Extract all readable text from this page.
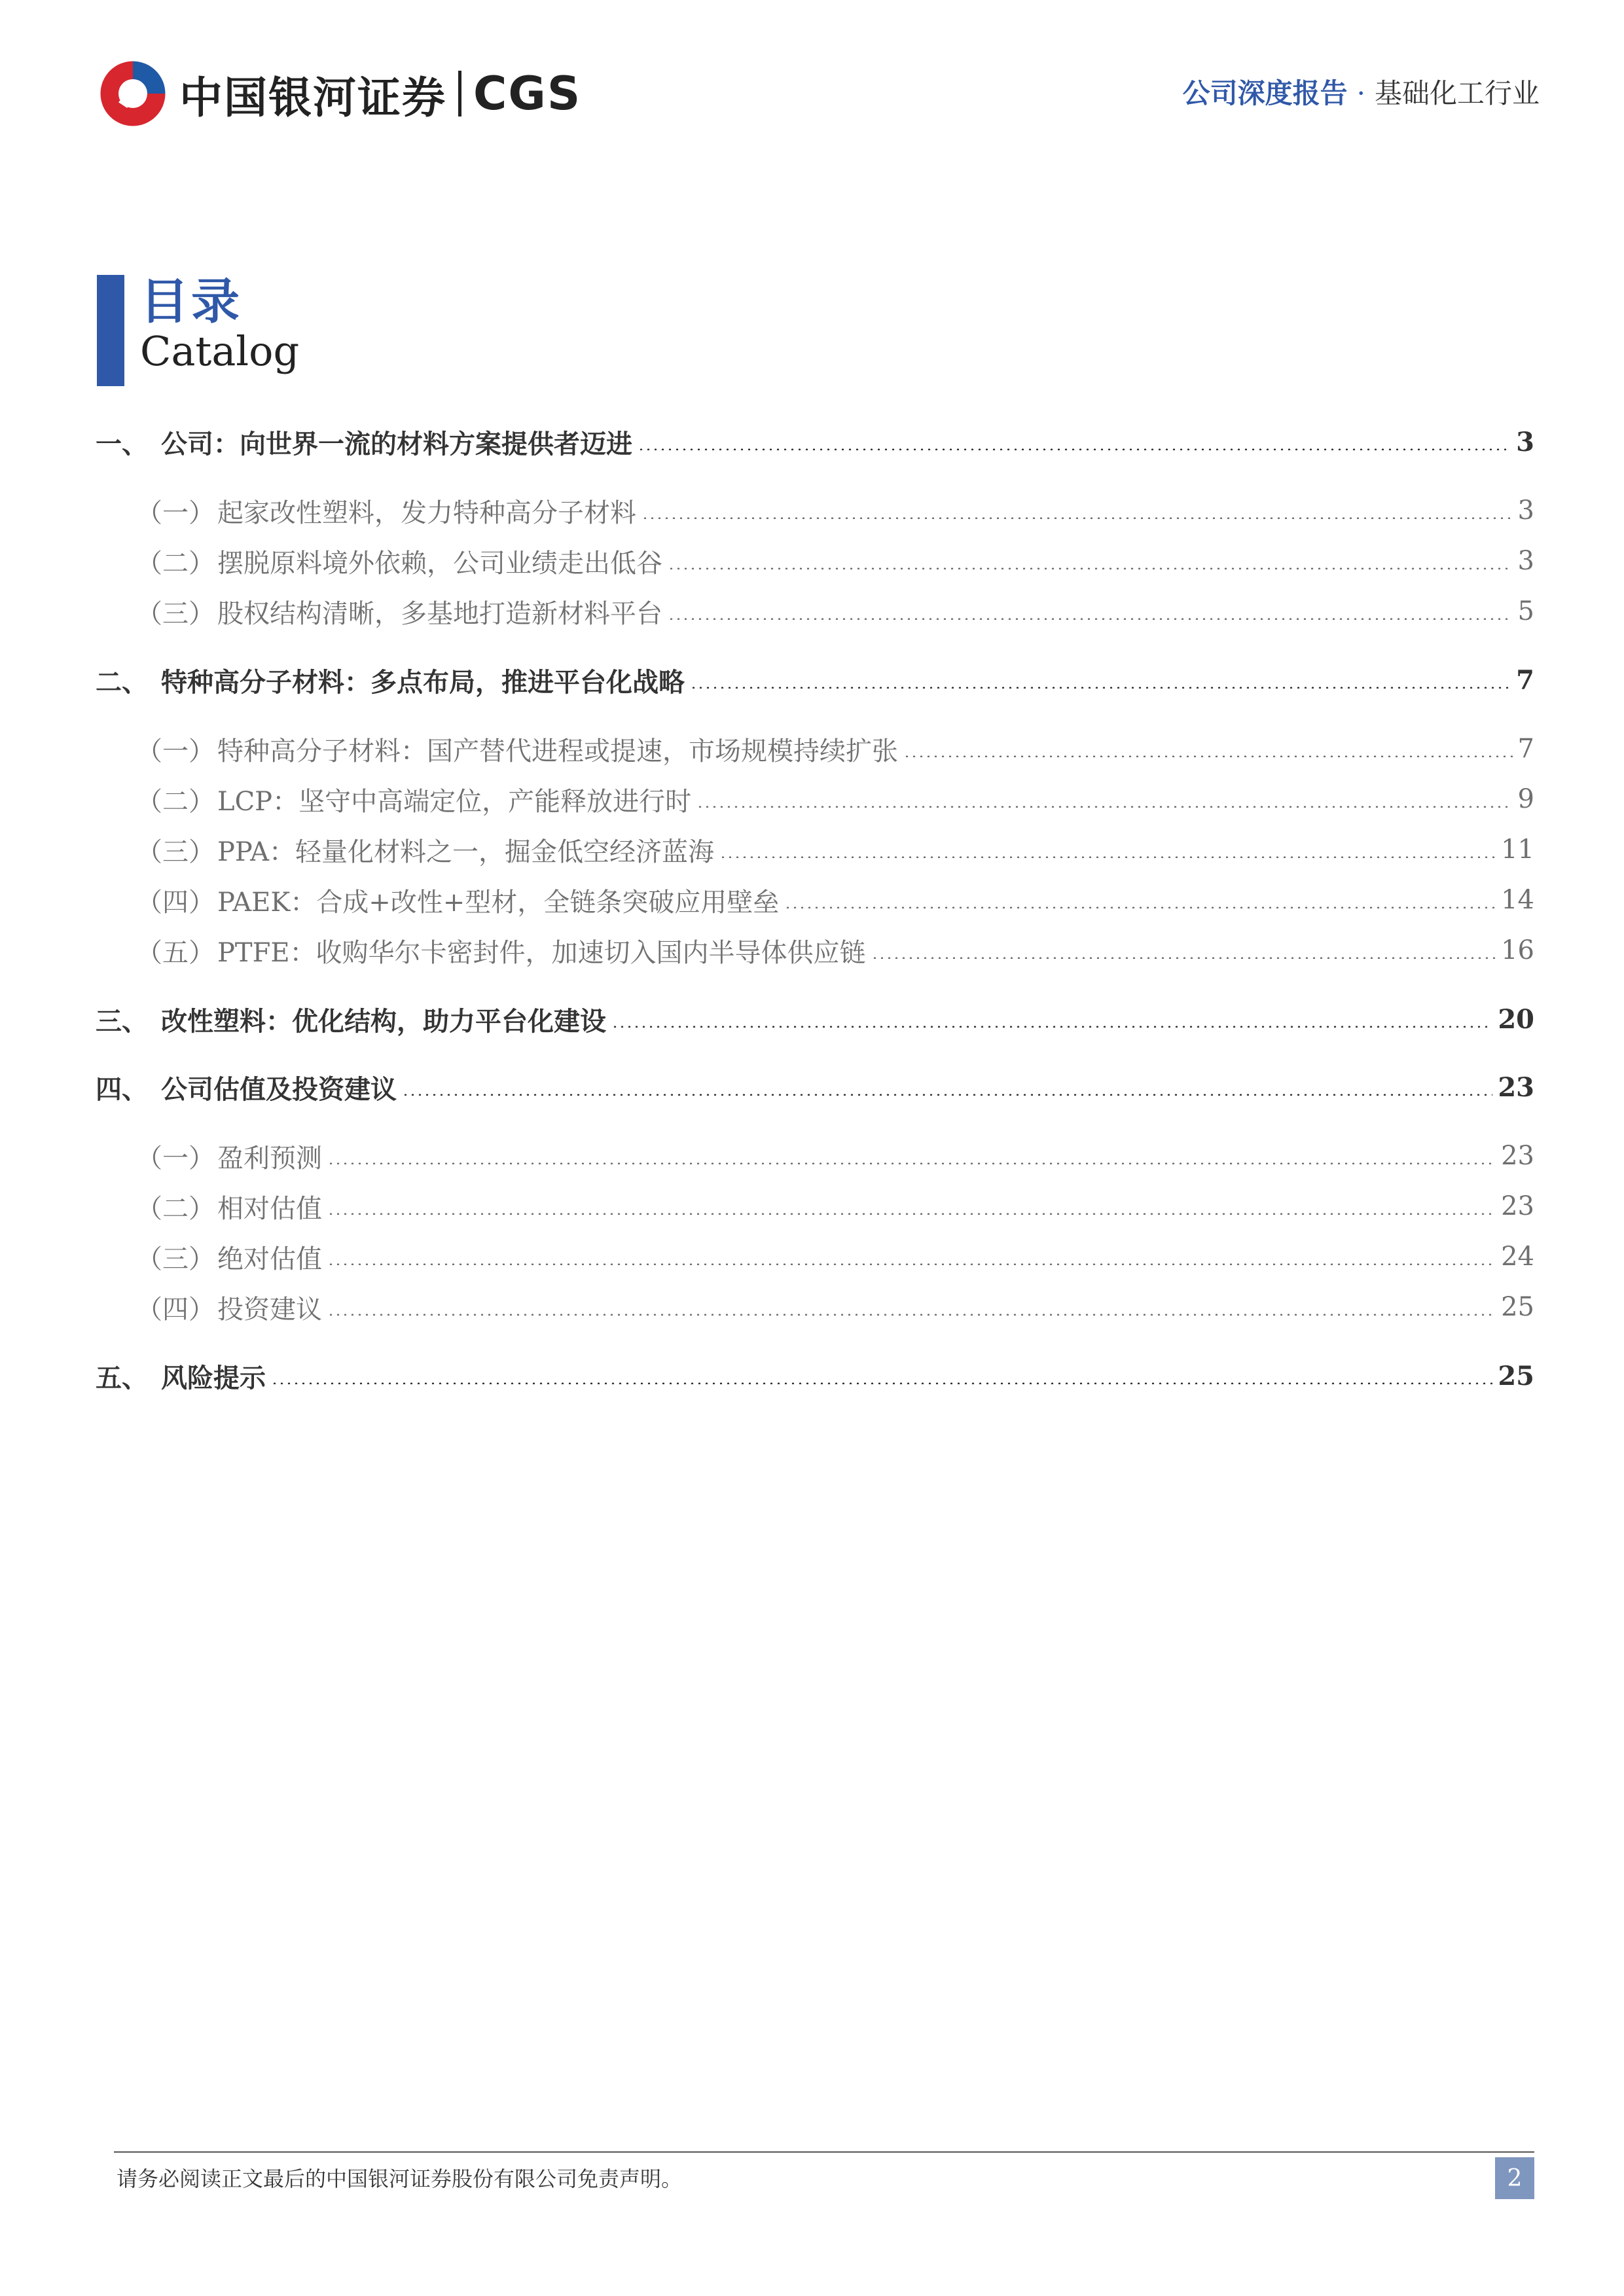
中国银河证券 CGS	公司深度报告 · 基础化工行业
目录
Catalog
一、 公司：向世界一流的材料方案提供者迈进	3
（一） 起家改性塑料，发力特种高分子材料	3
（二） 摆脱原料境外依赖，公司业绩走出低谷	3
（三） 股权结构清晰，多基地打造新材料平台	5
二、 特种高分子材料：多点布局，推进平台化战略	7
（一） 特种高分子材料：国产替代进程或提速，市场规模持续扩张	7
（二） LCP：坚守中高端定位，产能释放进行时	9
（三） PPA：轻量化材料之一，掘金低空经济蓝海	11
（四） PAEK：合成+改性+型材，全链条突破应用壁垒	14
（五） PTFE：收购华尔卡密封件，加速切入国内半导体供应链	16
三、 改性塑料：优化结构，助力平台化建设	20
四、 公司估值及投资建议	23
（一） 盈利预测	23
（二） 相对估值	23
（三） 绝对估值	24
（四） 投资建议	25
五、 风险提示	25
请务必阅读正文最后的中国银河证券股份有限公司免责声明。	2
